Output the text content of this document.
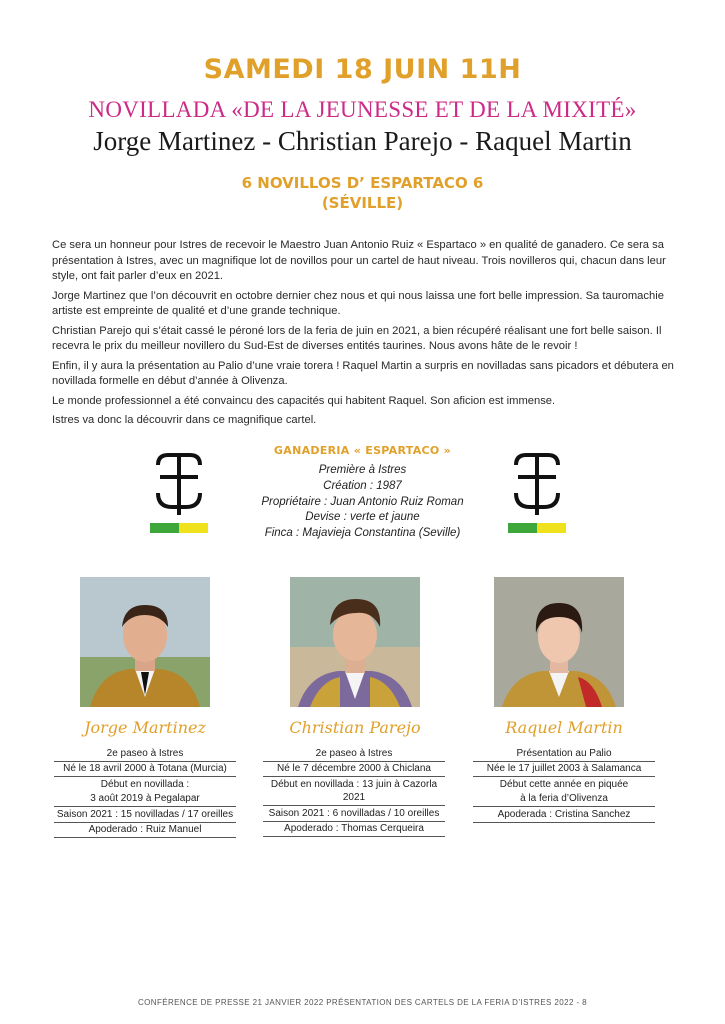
SAMEDI 18 JUIN 11H
NOVILLADA «DE LA JEUNESSE ET DE LA MIXITÉ»
Jorge Martinez - Christian Parejo - Raquel Martin
6 NOVILLOS D’ ESPARTACO 6
(SÉVILLE)

Ce sera un honneur pour Istres de recevoir le Maestro Juan Antonio Ruiz « Espartaco » en qualité de ganadero. Ce sera sa présentation à Istres, avec un magnifique lot de novillos pour un cartel de haut niveau. Trois novilleros qui, chacun dans leur style, ont fait parler d’eux en 2021.

Jorge Martinez que l’on découvrit en octobre dernier chez nous et qui nous laissa une fort belle impression. Sa tauromachie artiste est empreinte de qualité et d’une grande technique.

Christian Parejo qui s’était cassé le péroné lors de la feria de juin en 2021, a bien récupéré réalisant une fort belle saison. Il recevra le prix du meilleur novillero du Sud-Est de diverses entités taurines. Nous avons hâte de le revoir !

Enfin, il y aura la présentation au Palio d’une vraie torera ! Raquel Martin a surpris en novilladas sans picadors et débutera en novillada formelle en début d’année à Olivenza.

Le monde professionnel a été convaincu des capacités qui habitent Raquel. Son aficion est immense.

Istres va donc la découvrir dans ce magnifique cartel.

GANADERIA « ESPARTACO »
Première à Istres
Création : 1987
Propriétaire : Juan Antonio Ruiz Roman
Devise : verte et jaune
Finca : Majavieja Constantina (Seville)
Jorge Martinez	Christian Parejo	Raquel Martin
2e paseo à Istres
Né le 18 avril 2000 à Totana (Murcia)
Début en novillada :
3 août 2019 à Pegalapar
Saison 2021 : 15 novilladas / 17 oreilles
Apoderado : Ruiz Manuel
2e paseo à Istres
Né le 7 décembre 2000 à Chiclana
Début en novillada : 13 juin à Cazorla 2021
Saison 2021 : 6 novilladas / 10 oreilles
Apoderado : Thomas Cerqueira
Présentation au Palio
Née le 17 juillet 2003 à Salamanca
Début cette année en piquée
à la feria d’Olivenza
Apoderada : Cristina Sanchez
CONFÉRENCE DE PRESSE 21 JANVIER 2022 PRÉSENTATION DES CARTELS DE LA FERIA D’ISTRES 2022 - 8
